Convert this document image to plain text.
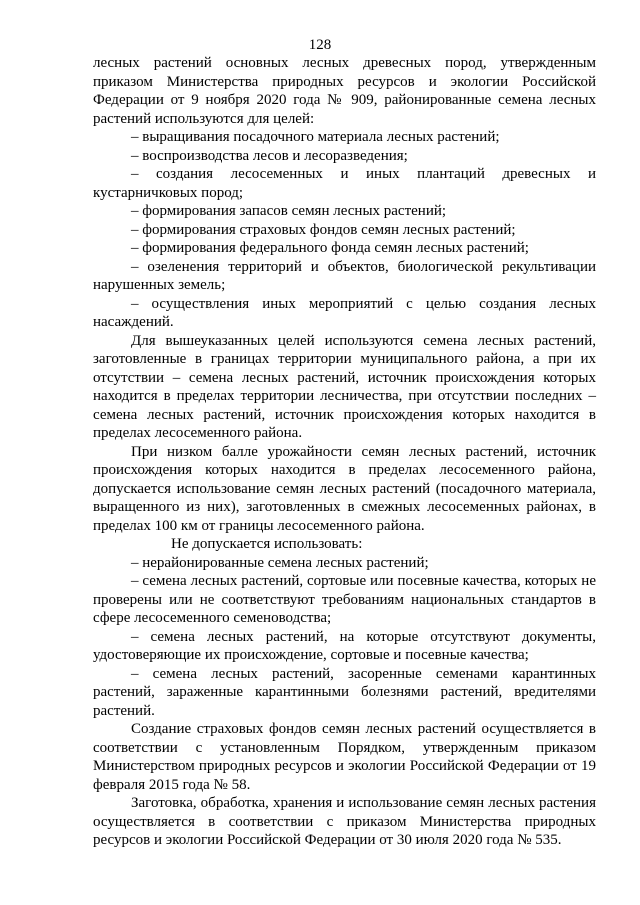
128

лесных растений основных лесных древесных пород, утвержденным приказом Министерства природных ресурсов и экологии Российской Федерации от 9 ноября 2020 года № 909, районированные семена лесных растений используются для целей:

– выращивания посадочного материала лесных растений;

– воспроизводства лесов и лесоразведения;

– создания лесосеменных и иных плантаций древесных и кустарничковых пород;

– формирования запасов семян лесных растений;

– формирования страховых фондов семян лесных растений;

– формирования федерального фонда семян лесных растений;

– озеленения территорий и объектов, биологической рекультивации нарушенных земель;

– осуществления иных мероприятий с целью создания лесных насаждений.

Для вышеуказанных целей используются семена лесных растений, заготовленные в границах территории муниципального района, а при их отсутствии – семена лесных растений, источник происхождения которых находится в пределах территории лесничества, при отсутствии последних – семена лесных растений, источник происхождения которых находится в пределах лесосеменного района.

При низком балле урожайности семян лесных растений, источник происхождения которых находится в пределах лесосеменного района, допускается использование семян лесных растений (посадочного материала, выращенного из них), заготовленных в смежных лесосеменных районах, в пределах 100 км от границы лесосеменного района.

Не допускается использовать:

– нерайонированные семена лесных растений;

– семена лесных растений, сортовые или посевные качества, которых не проверены или не соответствуют требованиям национальных стандартов в сфере лесосеменного семеноводства;

– семена лесных растений, на которые отсутствуют документы, удостоверяющие их происхождение, сортовые и посевные качества;

– семена лесных растений, засоренные семенами карантинных растений, зараженные карантинными болезнями растений, вредителями растений.

Создание страховых фондов семян лесных растений осуществляется в соответствии с установленным Порядком, утвержденным приказом Министерством природных ресурсов и экологии Российской Федерации от 19 февраля 2015 года № 58.

Заготовка, обработка, хранения и использование семян лесных растения осуществляется в соответствии с приказом Министерства природных ресурсов и экологии Российской Федерации от 30 июля 2020 года № 535.
